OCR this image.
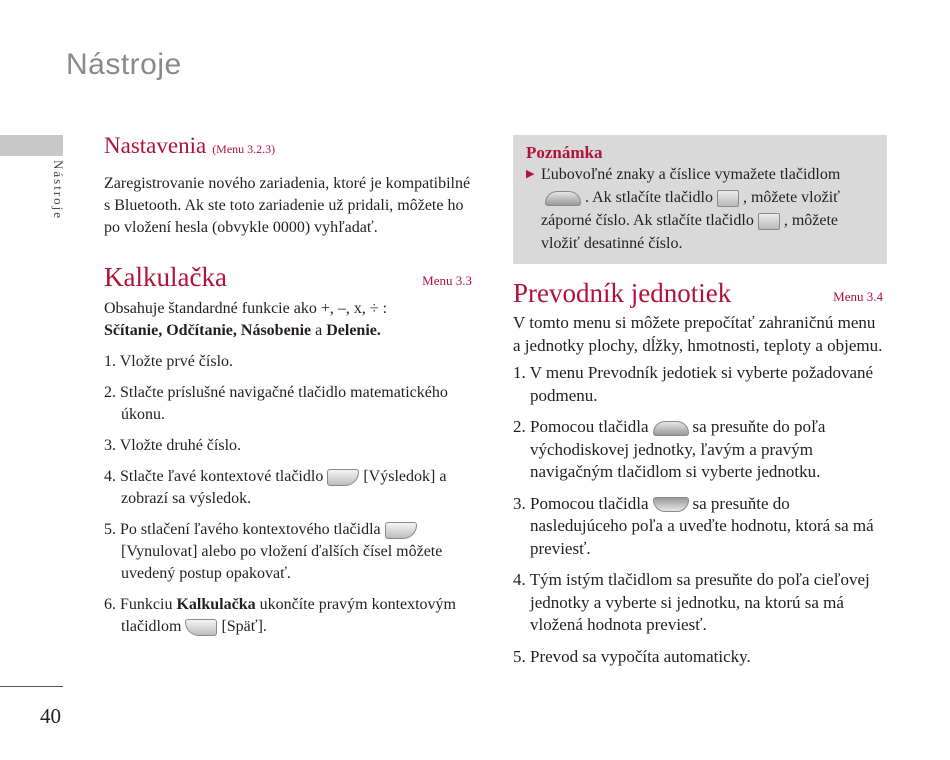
Nástroje
Nástroje
40
Nastavenia (Menu 3.2.3)

Zaregistrovanie nového zariadenia, ktoré je kompatibilné s Bluetooth. Ak ste toto zariadenie už pridali, môžete ho po vložení hesla (obvykle 0000) vyhľadať.

Kalkulačka	Menu 3.3

Obsahuje štandardné funkcie ako +, –, x, ÷ :
Sčítanie, Odčítanie, Násobenie a Delenie.

1. Vložte prvé číslo.
2. Stlačte príslušné navigačné tlačidlo matematického úkonu.
3. Vložte druhé číslo.
4. Stlačte ľavé kontextové tlačidlo	[Výsledok] a zobrazí sa výsledok.
5. Po stlačení ľavého kontextového tlačidla[Vynulovat] alebo po vložení ďalších čísel môžete uvedený postup opakovať.
6. Funkciu Kalkulačka ukončíte pravým kontextovým tlačidlom	[Späť].
Poznámka
▶ Ľubovoľné znaky a číslice vymažete tlačidlom
. Ak stlačíte tlačidlo , môžete vložiť záporné číslo. Ak stlačíte tlačidlo , môžete vložiť desatinné číslo.
Prevodník jednotiek	Menu 3.4

V tomto menu si môžete prepočítať zahraničnú menu a jednotky plochy, dĺžky, hmotnosti, teploty a objemu.

1. V menu Prevodník jedotiek si vyberte požadované podmenu.
2. Pomocou tlačidla	sa presuňte do poľa východiskovej jednotky, ľavým a pravým navigačným tlačidlom si vyberte jednotku.
3. Pomocou tlačidla	sa presuňte do nasledujúceho poľa a uveďte hodnotu, ktorá sa má previesť.
4. Tým istým tlačidlom sa presuňte do poľa cieľovej jednotky a vyberte si jednotku, na ktorú sa má vložená hodnota previesť.
5. Prevod sa vypočíta automaticky.
